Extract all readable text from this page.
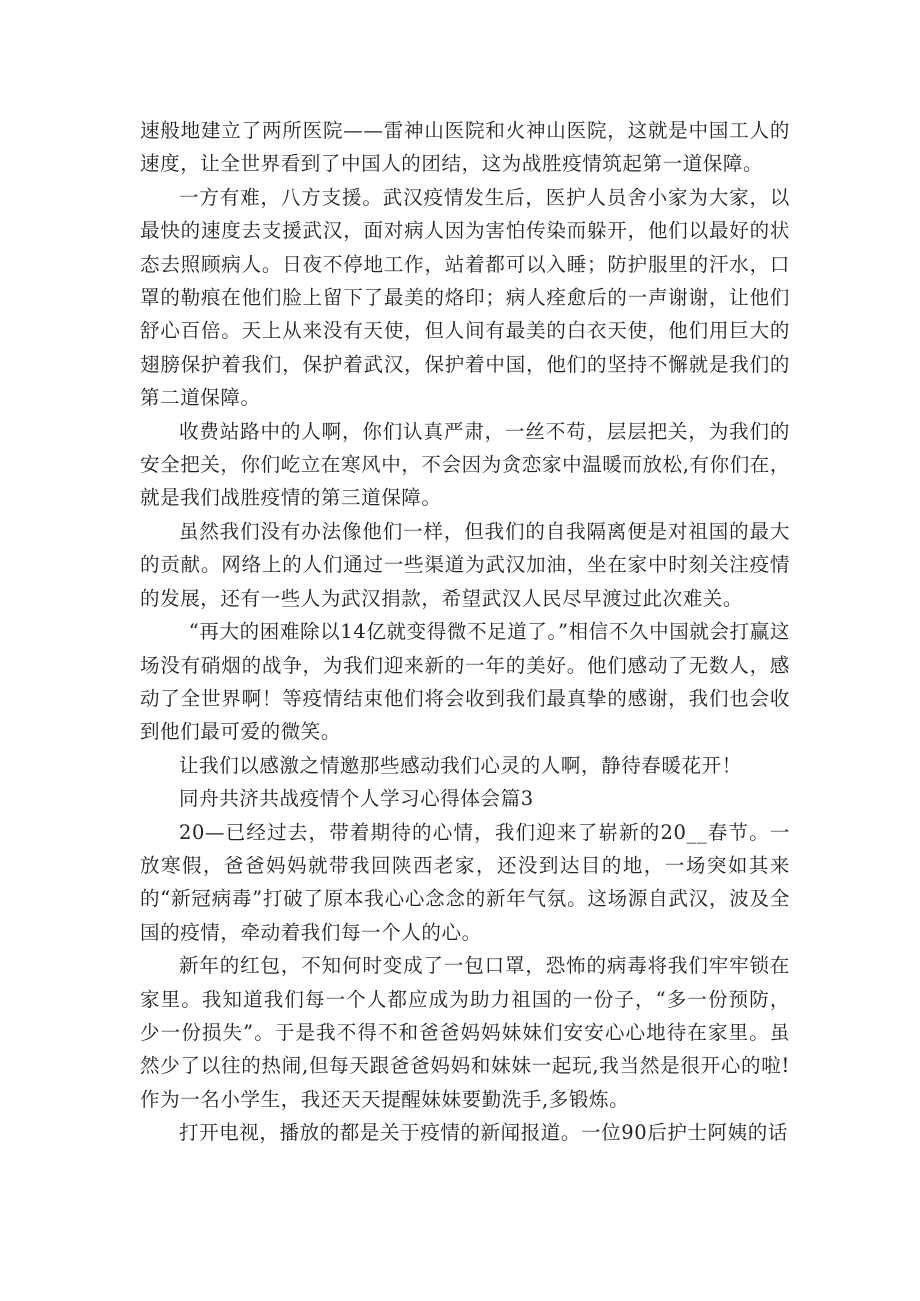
速般地建立了两所医院——雷神山医院和火神山医院，这就是中国工人的速度，让全世界看到了中国人的团结，这为战胜疫情筑起第一道保障。

一方有难，八方支援。武汉疫情发生后，医护人员舍小家为大家，以最快的速度去支援武汉，面对病人因为害怕传染而躲开，他们以最好的状态去照顾病人。日夜不停地工作，站着都可以入睡；防护服里的汗水，口罩的勒痕在他们脸上留下了最美的烙印；病人痊愈后的一声谢谢，让他们舒心百倍。天上从来没有天使，但人间有最美的白衣天使，他们用巨大的翅膀保护着我们，保护着武汉，保护着中国，他们的坚持不懈就是我们的第二道保障。

收费站路中的人啊，你们认真严肃，一丝不苟，层层把关，为我们的安全把关，你们屹立在寒风中，不会因为贪恋家中温暖而放松,有你们在，就是我们战胜疫情的第三道保障。

虽然我们没有办法像他们一样，但我们的自我隔离便是对祖国的最大的贡献。网络上的人们通过一些渠道为武汉加油，坐在家中时刻关注疫情的发展，还有一些人为武汉捐款，希望武汉人民尽早渡过此次难关。

“再大的困难除以14亿就变得微不足道了。”相信不久中国就会打赢这场没有硝烟的战争，为我们迎来新的一年的美好。他们感动了无数人，感动了全世界啊！等疫情结束他们将会收到我们最真挚的感谢，我们也会收到他们最可爱的微笑。

让我们以感激之情邀那些感动我们心灵的人啊，静待春暖花开！

同舟共济共战疫情个人学习心得体会篇3

20—已经过去，带着期待的心情，我们迎来了崭新的20__春节。一放寒假，爸爸妈妈就带我回陕西老家，还没到达目的地，一场突如其来的“新冠病毒”打破了原本我心心念念的新年气氛。这场源自武汉，波及全国的疫情，牵动着我们每一个人的心。

新年的红包，不知何时变成了一包口罩，恐怖的病毒将我们牢牢锁在家里。我知道我们每一个人都应成为助力祖国的一份子，“多一份预防，少一份损失”。于是我不得不和爸爸妈妈妹妹们安安心心地待在家里。虽然少了以往的热闹,但每天跟爸爸妈妈和妹妹一起玩,我当然是很开心的啦!作为一名小学生，我还天天提醒妹妹要勤洗手,多锻炼。

打开电视，播放的都是关于疫情的新闻报道。一位90后护士阿姨的话
